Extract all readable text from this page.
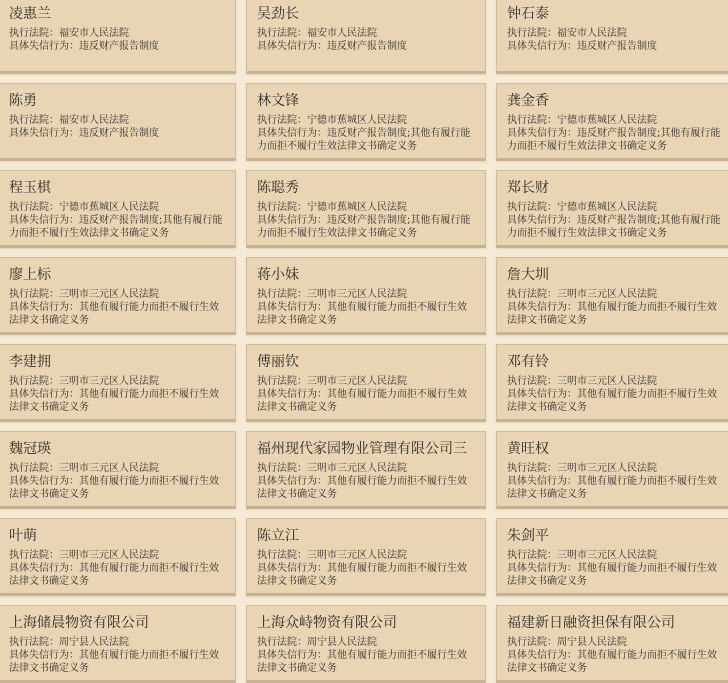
凌惠兰
执行法院：福安市人民法院
具体失信行为：违反财产报告制度
吴劲长
执行法院：福安市人民法院
具体失信行为：违反财产报告制度
钟石泰
执行法院：福安市人民法院
具体失信行为：违反财产报告制度
陈勇
执行法院：福安市人民法院
具体失信行为：违反财产报告制度
林文锋
执行法院：宁德市蕉城区人民法院
具体失信行为：违反财产报告制度;其他有履行能力而拒不履行生效法律文书确定义务
龚金香
执行法院：宁德市蕉城区人民法院
具体失信行为：违反财产报告制度;其他有履行能力而拒不履行生效法律文书确定义务
程玉棋
执行法院：宁德市蕉城区人民法院
具体失信行为：违反财产报告制度;其他有履行能力而拒不履行生效法律文书确定义务
陈聪秀
执行法院：宁德市蕉城区人民法院
具体失信行为：违反财产报告制度;其他有履行能力而拒不履行生效法律文书确定义务
郑长财
执行法院：宁德市蕉城区人民法院
具体失信行为：违反财产报告制度;其他有履行能力而拒不履行生效法律文书确定义务
廖上标
执行法院：三明市三元区人民法院
具体失信行为：其他有履行能力而拒不履行生效法律文书确定义务
蒋小妹
执行法院：三明市三元区人民法院
具体失信行为：其他有履行能力而拒不履行生效法律文书确定义务
詹大圳
执行法院：三明市三元区人民法院
具体失信行为：其他有履行能力而拒不履行生效法律文书确定义务
李建拥
执行法院：三明市三元区人民法院
具体失信行为：其他有履行能力而拒不履行生效法律文书确定义务
傅丽钦
执行法院：三明市三元区人民法院
具体失信行为：其他有履行能力而拒不履行生效法律文书确定义务
邓有铃
执行法院：三明市三元区人民法院
具体失信行为：其他有履行能力而拒不履行生效法律文书确定义务
魏冠瑛
执行法院：三明市三元区人民法院
具体失信行为：其他有履行能力而拒不履行生效法律文书确定义务
福州现代家园物业管理有限公司三
执行法院：三明市三元区人民法院
具体失信行为：其他有履行能力而拒不履行生效法律文书确定义务
黄旺权
执行法院：三明市三元区人民法院
具体失信行为：其他有履行能力而拒不履行生效法律文书确定义务
叶萌
执行法院：三明市三元区人民法院
具体失信行为：其他有履行能力而拒不履行生效法律文书确定义务
陈立江
执行法院：三明市三元区人民法院
具体失信行为：其他有履行能力而拒不履行生效法律文书确定义务
朱剑平
执行法院：三明市三元区人民法院
具体失信行为：其他有履行能力而拒不履行生效法律文书确定义务
上海储晨物资有限公司
执行法院：周宁县人民法院
具体失信行为：其他有履行能力而拒不履行生效法律文书确定义务
上海众峙物资有限公司
执行法院：周宁县人民法院
具体失信行为：其他有履行能力而拒不履行生效法律文书确定义务
福建新日融资担保有限公司
执行法院：周宁县人民法院
具体失信行为：其他有履行能力而拒不履行生效法律文书确定义务
